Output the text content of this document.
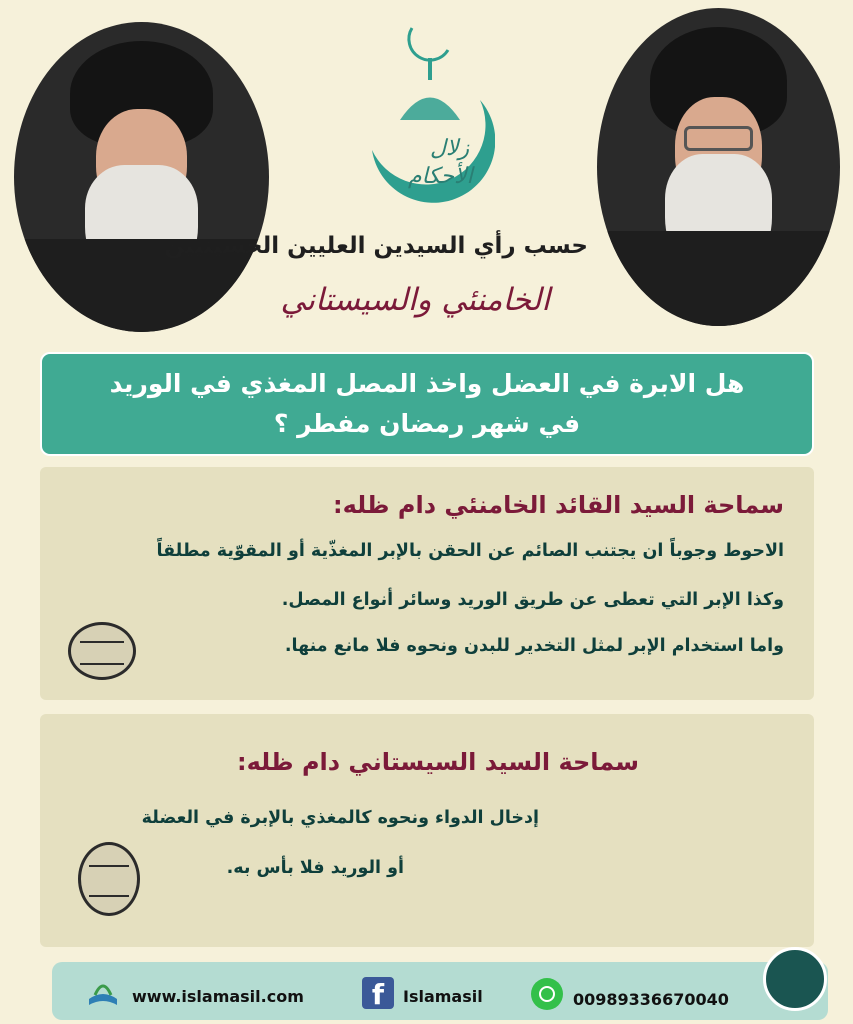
زلال
الأحكام
حسب رأي السيدين العليين الحسينيين
الخامنئي والسيستاني
هل الابرة في العضل واخذ المصل المغذي في الوريد
في شهر رمضان مفطر ؟
سماحة السيد القائد الخامنئي دام ظله:
الاحوط وجوباً ان يجتنب الصائم عن الحقن بالإبر المغذّية أو المقوّية مطلقاً
وكذا الإبر التي تعطى عن طريق الوريد وسائر أنواع المصل.
واما استخدام الإبر لمثل التخدير للبدن ونحوه فلا مانع منها.
سماحة السيد السيستاني دام ظله:
إدخال الدواء ونحوه كالمغذي بالإبرة في العضلة
أو الوريد فلا بأس به.
www.islamasil.com	f	Islamasil	00989336670040
